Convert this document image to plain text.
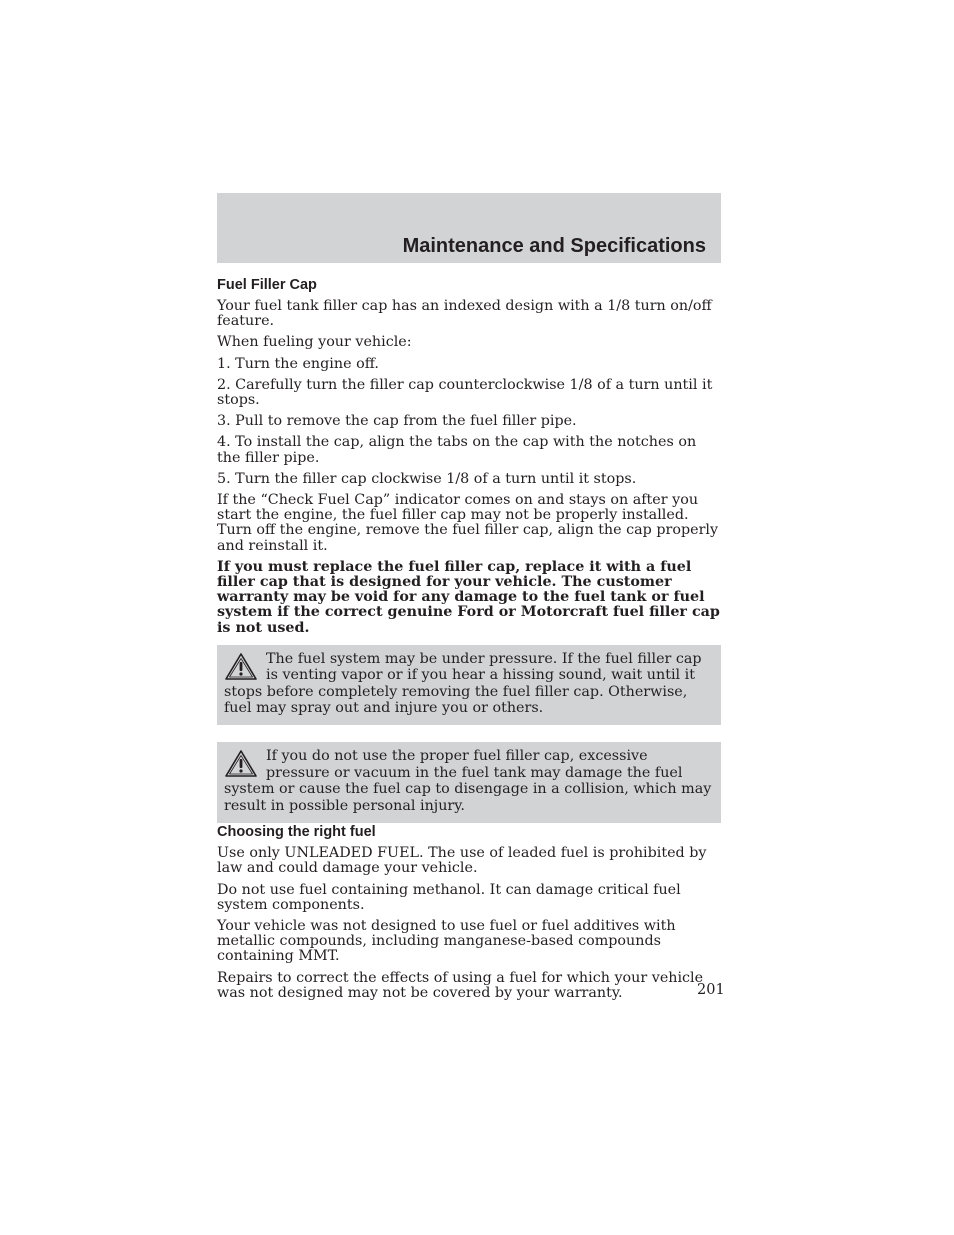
Maintenance and Specifications
Fuel Filler Cap

Your fuel tank filler cap has an indexed design with a 1/8 turn on/off feature.

When fueling your vehicle:

1. Turn the engine off.

2. Carefully turn the filler cap counterclockwise 1/8 of a turn until it stops.

3. Pull to remove the cap from the fuel filler pipe.

4. To install the cap, align the tabs on the cap with the notches on the filler pipe.

5. Turn the filler cap clockwise 1/8 of a turn until it stops.

If the “Check Fuel Cap” indicator comes on and stays on after you start the engine, the fuel filler cap may not be properly installed. Turn off the engine, remove the fuel filler cap, align the cap properly and reinstall it.

If you must replace the fuel filler cap, replace it with a fuel filler cap that is designed for your vehicle. The customer warranty may be void for any damage to the fuel tank or fuel system if the correct genuine Ford or Motorcraft fuel filler cap is not used.

The fuel system may be under pressure. If the fuel filler cap is venting vapor or if you hear a hissing sound, wait until it stops before completely removing the fuel filler cap. Otherwise, fuel may spray out and injure you or others.

If you do not use the proper fuel filler cap, excessive pressure or vacuum in the fuel tank may damage the fuel system or cause the fuel cap to disengage in a collision, which may result in possible personal injury.

Choosing the right fuel

Use only UNLEADED FUEL. The use of leaded fuel is prohibited by law and could damage your vehicle.

Do not use fuel containing methanol. It can damage critical fuel system components.

Your vehicle was not designed to use fuel or fuel additives with metallic compounds, including manganese-based compounds containing MMT.

Repairs to correct the effects of using a fuel for which your vehicle was not designed may not be covered by your warranty.	201
